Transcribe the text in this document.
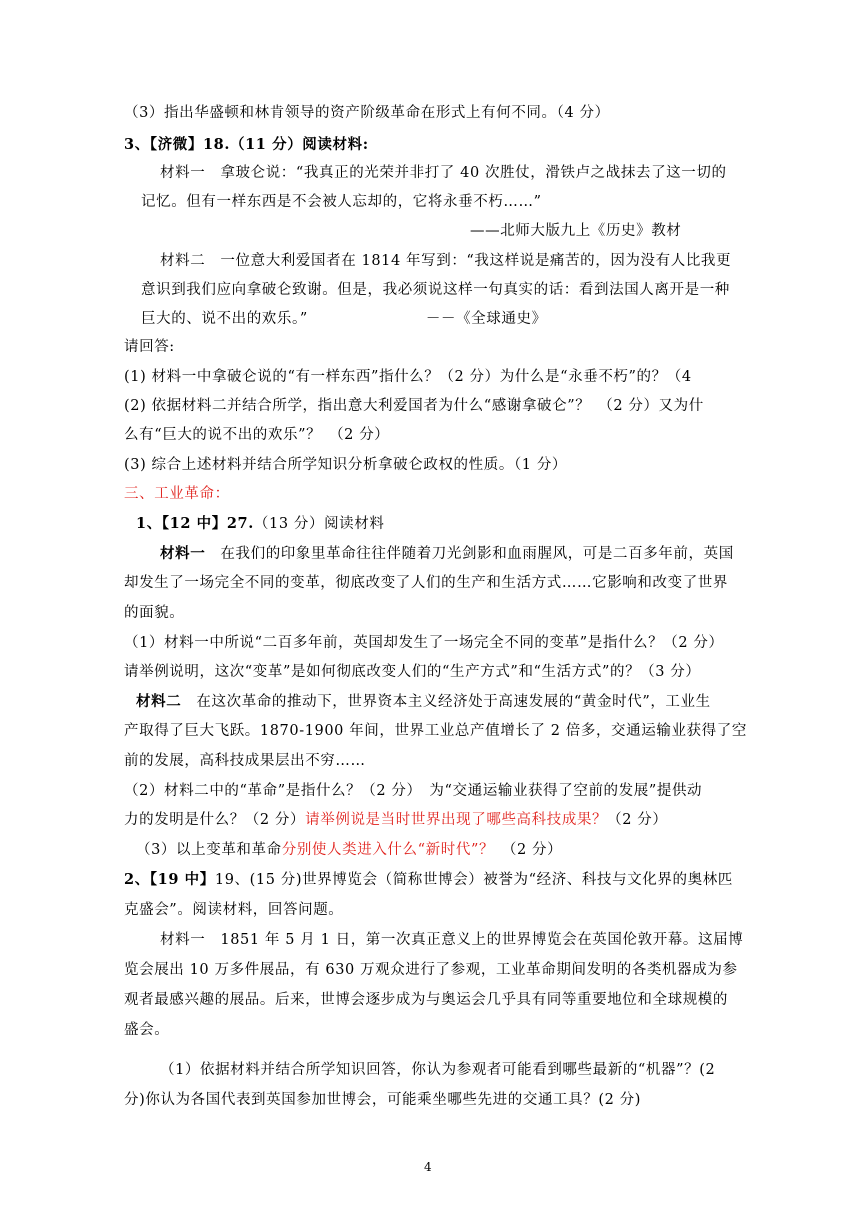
（3）指出华盛顿和林肯领导的资产阶级革命在形式上有何不同。（4 分）
3、【济微】18.（11 分）阅读材料:
材料一　拿玻仑说：“我真正的光荣并非打了 40 次胜仗，滑铁卢之战抹去了这一切的
记忆。但有一样东西是不会被人忘却的，它将永垂不朽……”
——北师大版九上《历史》教材
材料二　一位意大利爱国者在 1814 年写到：“我这样说是痛苦的，因为没有人比我更
意识到我们应向拿破仑致谢。但是，我必须说这样一句真实的话：看到法国人离开是一种
巨大的、说不出的欢乐。”	－－《全球通史》
请回答:
(1) 材料一中拿破仑说的“有一样东西”指什么？（2 分）为什么是“永垂不朽”的？（4
(2) 依据材料二并结合所学，指出意大利爱国者为什么“感谢拿破仑”？　（2 分）又为什
么有“巨大的说不出的欢乐”？　（2 分）
(3) 综合上述材料并结合所学知识分析拿破仑政权的性质。（1 分）
三、工业革命：
1、【12 中】27.（13 分）阅读材料
材料一　在我们的印象里革命往往伴随着刀光剑影和血雨腥风，可是二百多年前，英国
却发生了一场完全不同的变革，彻底改变了人们的生产和生活方式……它影响和改变了世界
的面貌。
（1）材料一中所说“二百多年前，英国却发生了一场完全不同的变革”是指什么？（2 分）
请举例说明，这次“变革”是如何彻底改变人们的“生产方式”和“生活方式”的？（3 分）
材料二　在这次革命的推动下，世界资本主义经济处于高速发展的“黄金时代”，工业生
产取得了巨大飞跃。1870-1900 年间，世界工业总产值增长了 2 倍多，交通运输业获得了空
前的发展，高科技成果层出不穷……
（2）材料二中的“革命”是指什么？（2 分）　为“交通运输业获得了空前的发展”提供动
力的发明是什么？（2 分）请举例说是当时世界出现了哪些高科技成果？（2 分）
（3）以上变革和革命分别使人类进入什么“新时代”？　（2 分）
2、【19 中】19、(15 分)世界博览会（简称世博会）被誉为“经济、科技与文化界的奥林匹
克盛会”。阅读材料，回答问题。
材料一　1851 年 5 月 1 日，第一次真正意义上的世界博览会在英国伦敦开幕。这届博
览会展出 10 万多件展品，有 630 万观众进行了参观，工业革命期间发明的各类机器成为参
观者最感兴趣的展品。后来，世博会逐步成为与奥运会几乎具有同等重要地位和全球规模的
盛会。
（1）依据材料并结合所学知识回答，你认为参观者可能看到哪些最新的“机器”？(2
分)你认为各国代表到英国参加世博会，可能乘坐哪些先进的交通工具？(2 分)
4
